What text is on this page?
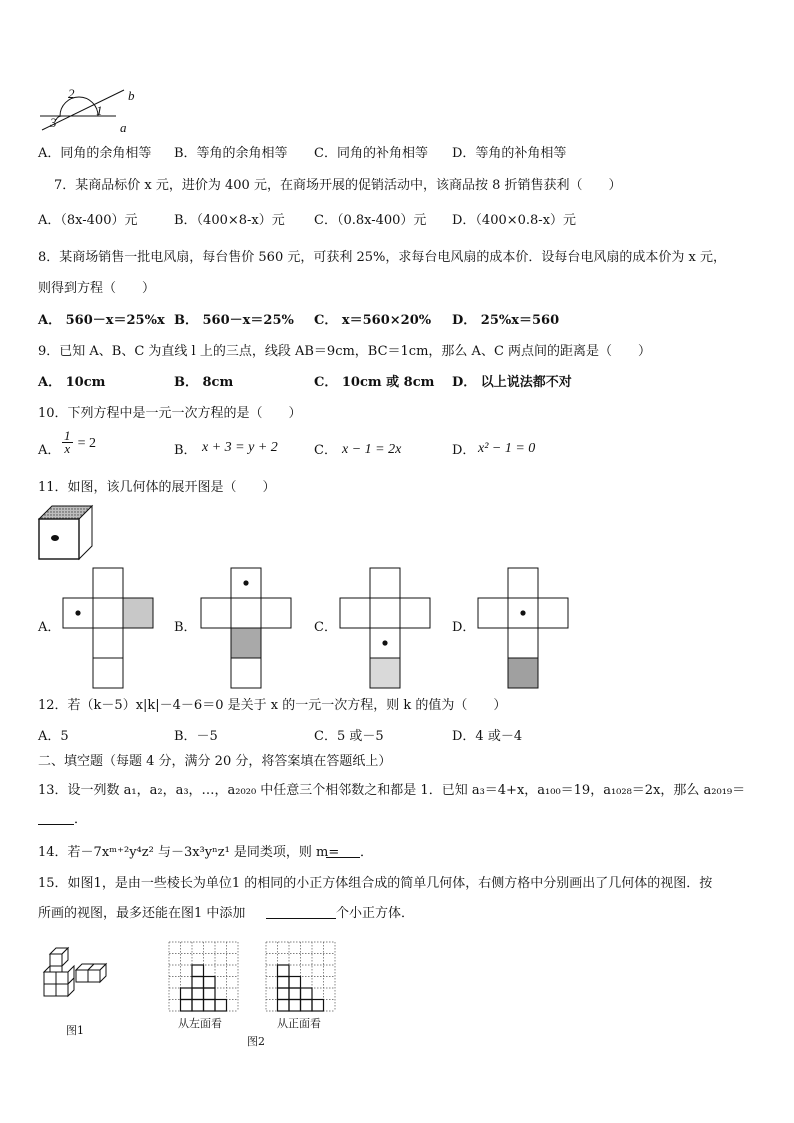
2
1
b
3	a
A．同角的余角相等 B．等角的余角相等 C．同角的补角相等 D．等角的补角相等
7．某商品标价 x 元，进价为 400 元，在商场开展的促销活动中，该商品按 8 折销售获利（　　）
A．（8x-400）元	B．（400×8-x）元 C．（0.8x-400）元 D．（400×0.8-x）元
8．某商场销售一批电风扇，每台售价 560 元，可获利 25%，求每台电风扇的成本价．设每台电风扇的成本价为 x 元，
则得到方程（　　）
A． 560－x＝25%x B． 560－x＝25% C． x＝560×20% D． 25%x＝560
9．已知 A、B、C 为直线 l 上的三点，线段 AB＝9cm，BC＝1cm，那么 A、C 两点间的距离是（　　）
A． 10cm	B． 8cm	C． 10cm 或 8cm D． 以上说法都不对
10．下列方程中是一元一次方程的是（　　）
A． $\frac{1}{x} = 2$	B． x + 3 = y + 2	C． x − 1 = 2x	D． x² − 1 = 0
11．如图，该几何体的展开图是（　　）
A．	B．	C．	D．
12．若（k－5）x|k|－4－6＝0 是关于 x 的一元一次方程，则 k 的值为（　　）
A．5	B．－5	C．5 或－5	D．4 或－4
二、填空题（每题 4 分，满分 20 分，将答案填在答题纸上）
13．设一列数 a₁，a₂，a₃，…，a₂₀₂₀ 中任意三个相邻数之和都是 1．已知 a₃＝4+x，a₁₀₀＝19，a₁₀₂₈＝2x，那么 a₂₀₁₉＝
．
14．若－7xᵐ⁺²y⁴z² 与－3x³yⁿz¹ 是同类项，则 m= ．
15．如图1，是由一些棱长为单位1 的相同的小正方体组合成的简单几何体，右侧方格中分别画出了几何体的视图．按
所画的视图，最多还能在图1 中添加	个小正方体．
图1
从左面看	从正面看
图2
